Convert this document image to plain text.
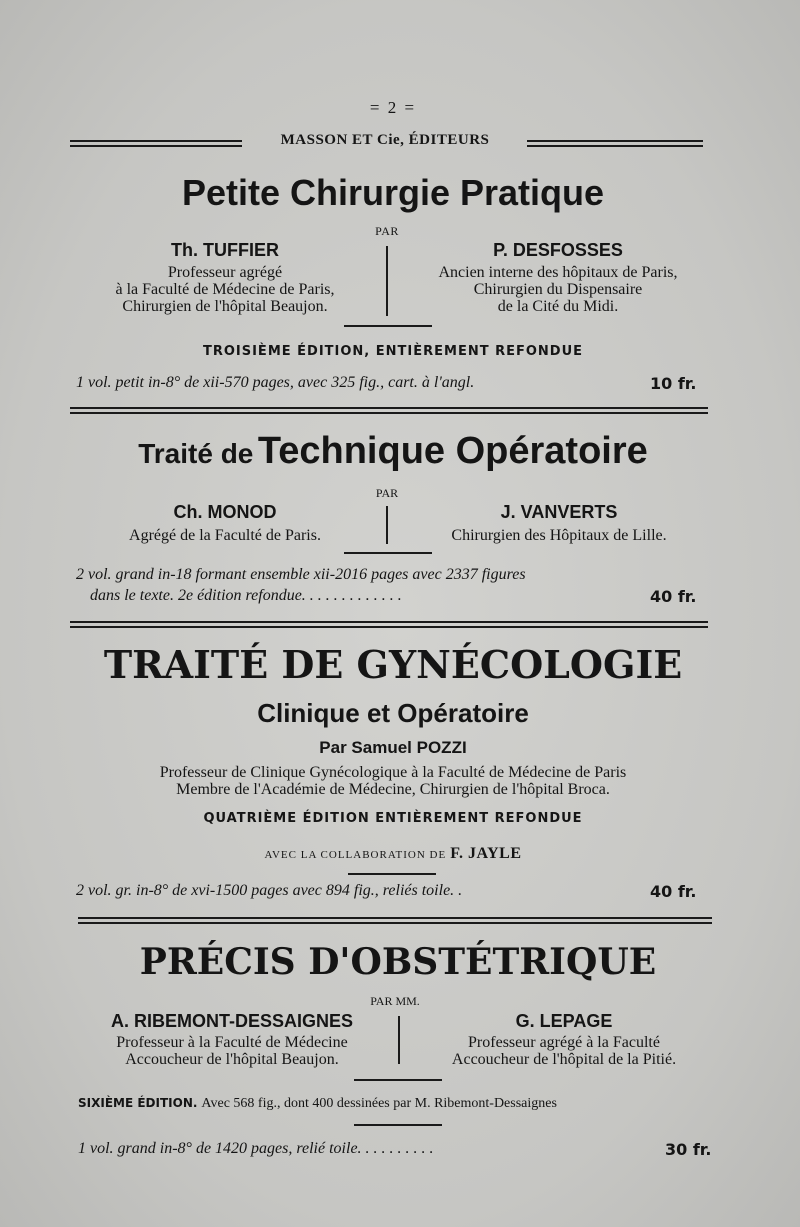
= 2 =
MASSON ET Cie, ÉDITEURS
Petite Chirurgie Pratique
PAR
Th. TUFFIER
Professeur agrégé
à la Faculté de Médecine de Paris,
Chirurgien de l'hôpital Beaujon.
P. DESFOSSES
Ancien interne des hôpitaux de Paris,
Chirurgien du Dispensaire
de la Cité du Midi.
TROISIÈME ÉDITION, ENTIÈREMENT REFONDUE
1 vol. petit in-8° de xii-570 pages, avec 325 fig., cart. à l'angl.	10 fr.
Traité de Technique Opératoire
PAR
Ch. MONOD
Agrégé de la Faculté de Paris.
J. VANVERTS
Chirurgien des Hôpitaux de Lille.
2 vol. grand in-18 formant ensemble xii-2016 pages avec 2337 figures
dans le texte. 2e édition refondue. . . . . . . . . . . . .	40 fr.
TRAITÉ DE GYNÉCOLOGIE
Clinique et Opératoire
Par Samuel POZZI
Professeur de Clinique Gynécologique à la Faculté de Médecine de Paris
Membre de l'Académie de Médecine, Chirurgien de l'hôpital Broca.
QUATRIÈME ÉDITION ENTIÈREMENT REFONDUE
AVEC LA COLLABORATION DE F. JAYLE
2 vol. gr. in-8° de xvi-1500 pages avec 894 fig., reliés toile. .	40 fr.
PRÉCIS D'OBSTÉTRIQUE
PAR MM.
A. RIBEMONT-DESSAIGNES
Professeur à la Faculté de Médecine
Accoucheur de l'hôpital Beaujon.
G. LEPAGE
Professeur agrégé à la Faculté
Accoucheur de l'hôpital de la Pitié.
SIXIÈME ÉDITION. Avec 568 fig., dont 400 dessinées par M. Ribemont-Dessaignes
1 vol. grand in-8° de 1420 pages, relié toile. . . . . . . . . .	30 fr.
